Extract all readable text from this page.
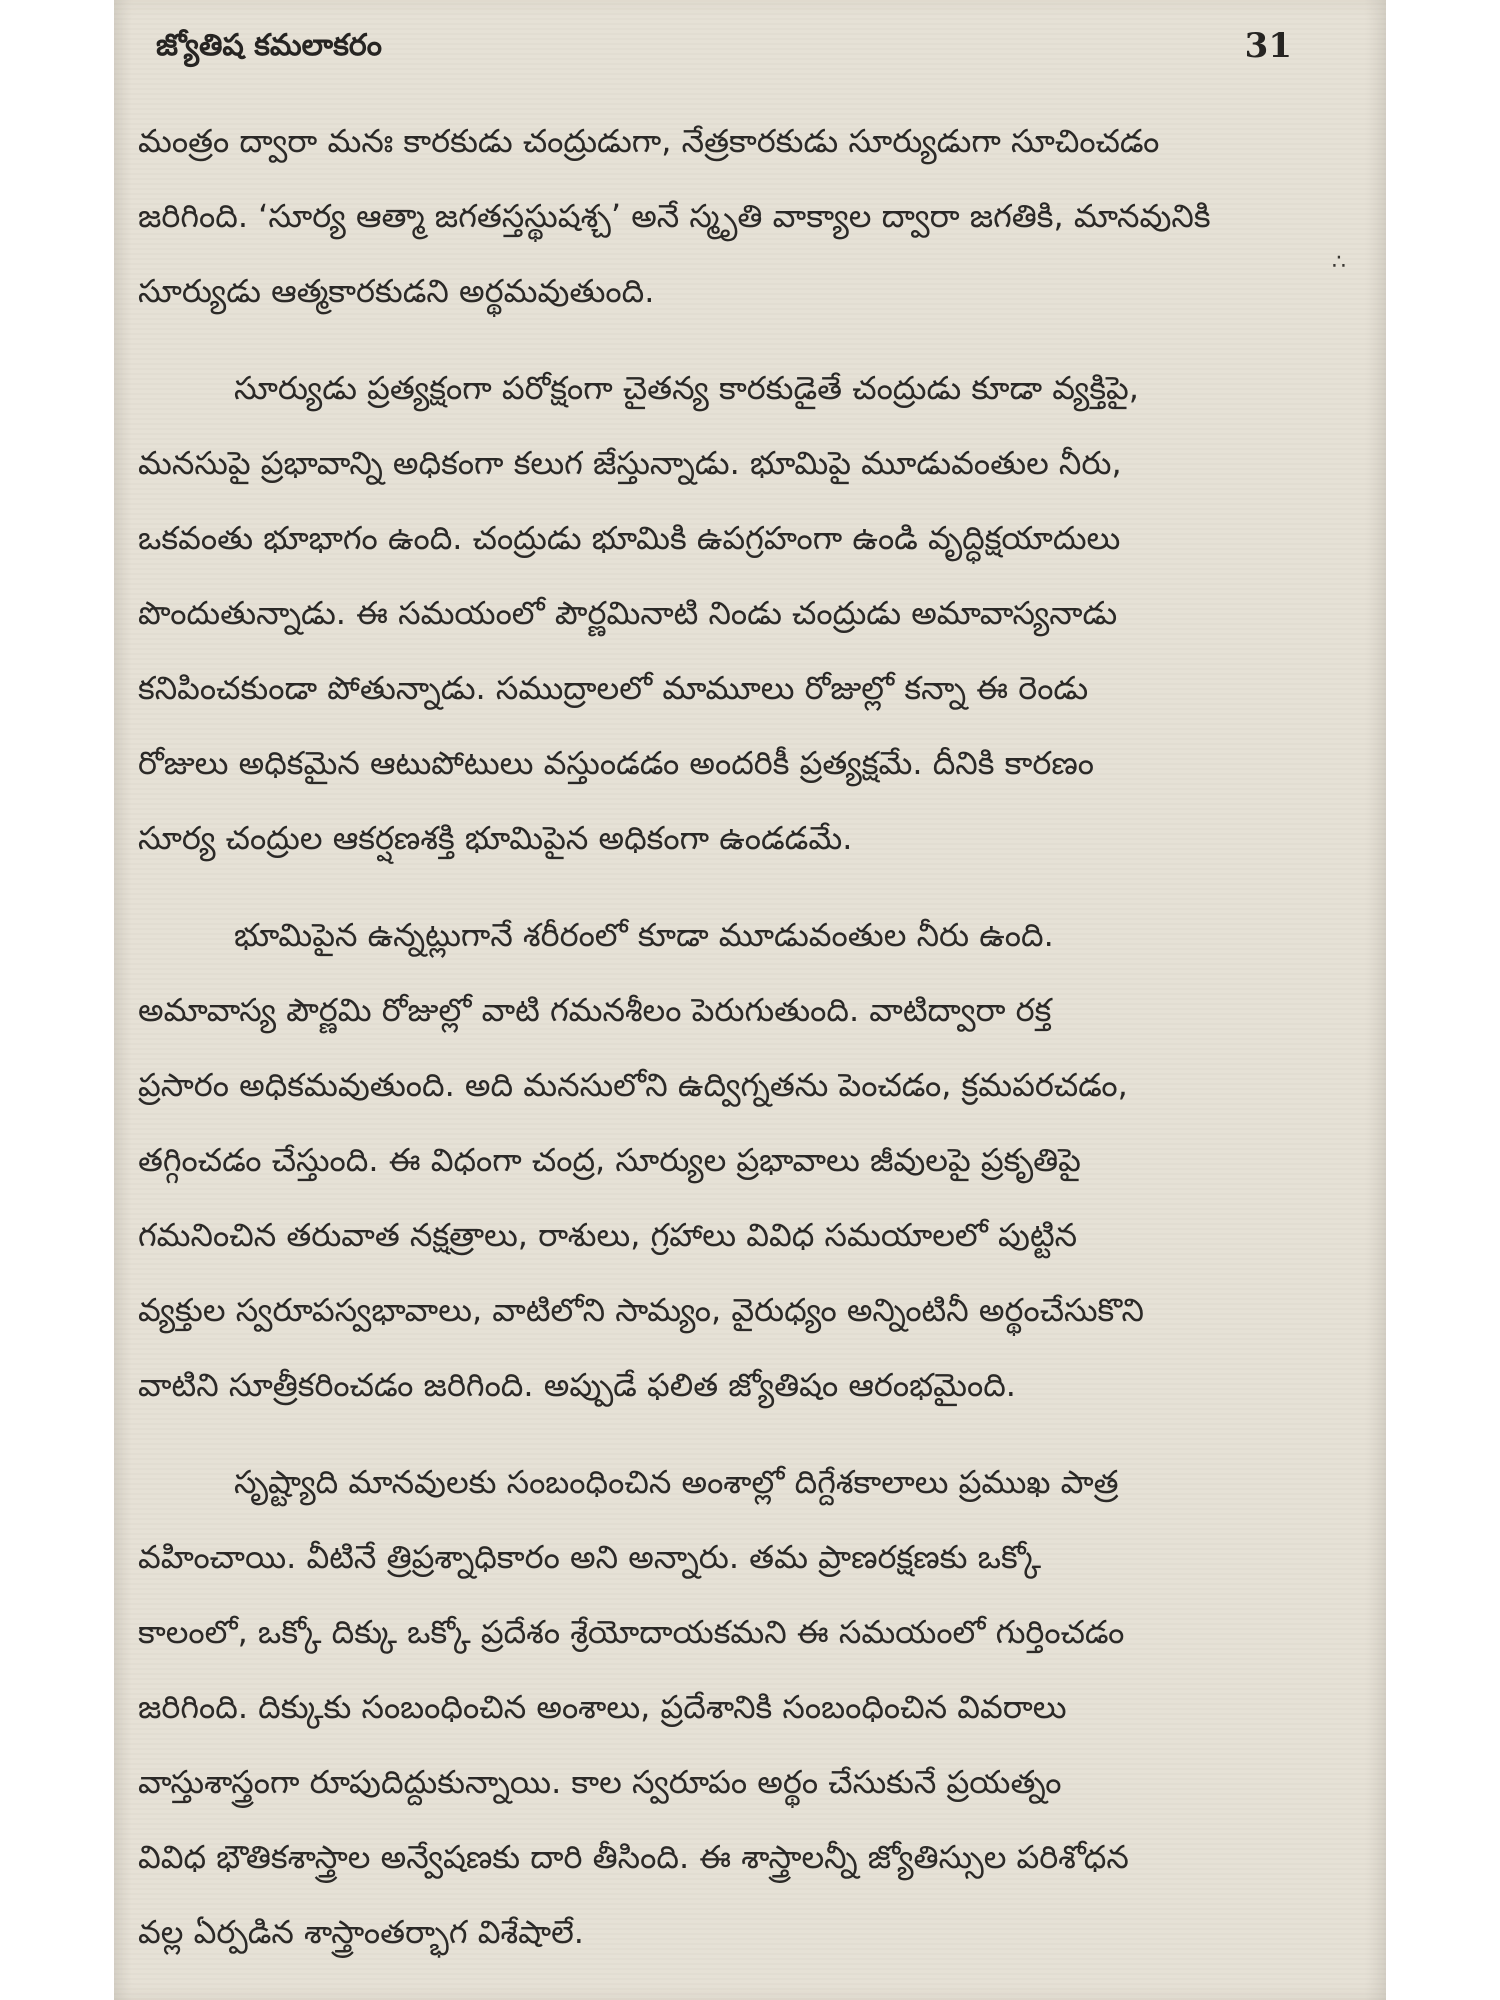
జ్యోతిష కమలాకరం	31
∴

మంత్రం ద్వారా మనః కారకుడు చంద్రుడుగా, నేత్రకారకుడు సూర్యుడుగా సూచించడం
జరిగింది. ‘సూర్య ఆత్మా జగతస్తస్థుషశ్చ’ అనే స్మృతి వాక్యాల ద్వారా జగతికి, మానవునికి
సూర్యుడు ఆత్మకారకుడని అర్థమవుతుంది.

సూర్యుడు ప్రత్యక్షంగా పరోక్షంగా చైతన్య కారకుడైతే చంద్రుడు కూడా వ్యక్తిపై,
మనసుపై ప్రభావాన్ని అధికంగా కలుగ జేస్తున్నాడు. భూమిపై మూడువంతుల నీరు,
ఒకవంతు భూభాగం ఉంది. చంద్రుడు భూమికి ఉపగ్రహంగా ఉండి వృద్ధిక్షయాదులు
పొందుతున్నాడు. ఈ సమయంలో పౌర్ణమినాటి నిండు చంద్రుడు అమావాస్యనాడు
కనిపించకుండా పోతున్నాడు. సముద్రాలలో మామూలు రోజుల్లో కన్నా ఈ రెండు
రోజులు అధికమైన ఆటుపోటులు వస్తుండడం అందరికీ ప్రత్యక్షమే. దీనికి కారణం
సూర్య చంద్రుల ఆకర్షణశక్తి భూమిపైన అధికంగా ఉండడమే.

భూమిపైన ఉన్నట్లుగానే శరీరంలో కూడా మూడువంతుల నీరు ఉంది.
అమావాస్య పౌర్ణమి రోజుల్లో వాటి గమనశీలం పెరుగుతుంది. వాటిద్వారా రక్త
ప్రసారం అధికమవుతుంది. అది మనసులోని ఉద్విగ్నతను పెంచడం, క్రమపరచడం,
తగ్గించడం చేస్తుంది. ఈ విధంగా చంద్ర, సూర్యుల ప్రభావాలు జీవులపై ప్రకృతిపై
గమనించిన తరువాత నక్షత్రాలు, రాశులు, గ్రహాలు వివిధ సమయాలలో పుట్టిన
వ్యక్తుల స్వరూపస్వభావాలు, వాటిలోని సామ్యం, వైరుధ్యం అన్నింటినీ అర్థంచేసుకొని
వాటిని సూత్రీకరించడం జరిగింది. అప్పుడే ఫలిత జ్యోతిషం ఆరంభమైంది.

సృష్ట్యాది మానవులకు సంబంధించిన అంశాల్లో దిగ్దేశకాలాలు ప్రముఖ పాత్ర
వహించాయి. వీటినే త్రిప్రశ్నాధికారం అని అన్నారు. తమ ప్రాణరక్షణకు ఒక్కో
కాలంలో, ఒక్కో దిక్కు ఒక్కో ప్రదేశం శ్రేయోదాయకమని ఈ సమయంలో గుర్తించడం
జరిగింది. దిక్కుకు సంబంధించిన అంశాలు, ప్రదేశానికి సంబంధించిన వివరాలు
వాస్తుశాస్త్రంగా రూపుదిద్దుకున్నాయి. కాల స్వరూపం అర్థం చేసుకునే ప్రయత్నం
వివిధ భౌతికశాస్త్రాల అన్వేషణకు దారి తీసింది. ఈ శాస్త్రాలన్నీ జ్యోతిస్సుల పరిశోధన
వల్ల ఏర్పడిన శాస్త్రాంతర్భాగ విశేషాలే.
